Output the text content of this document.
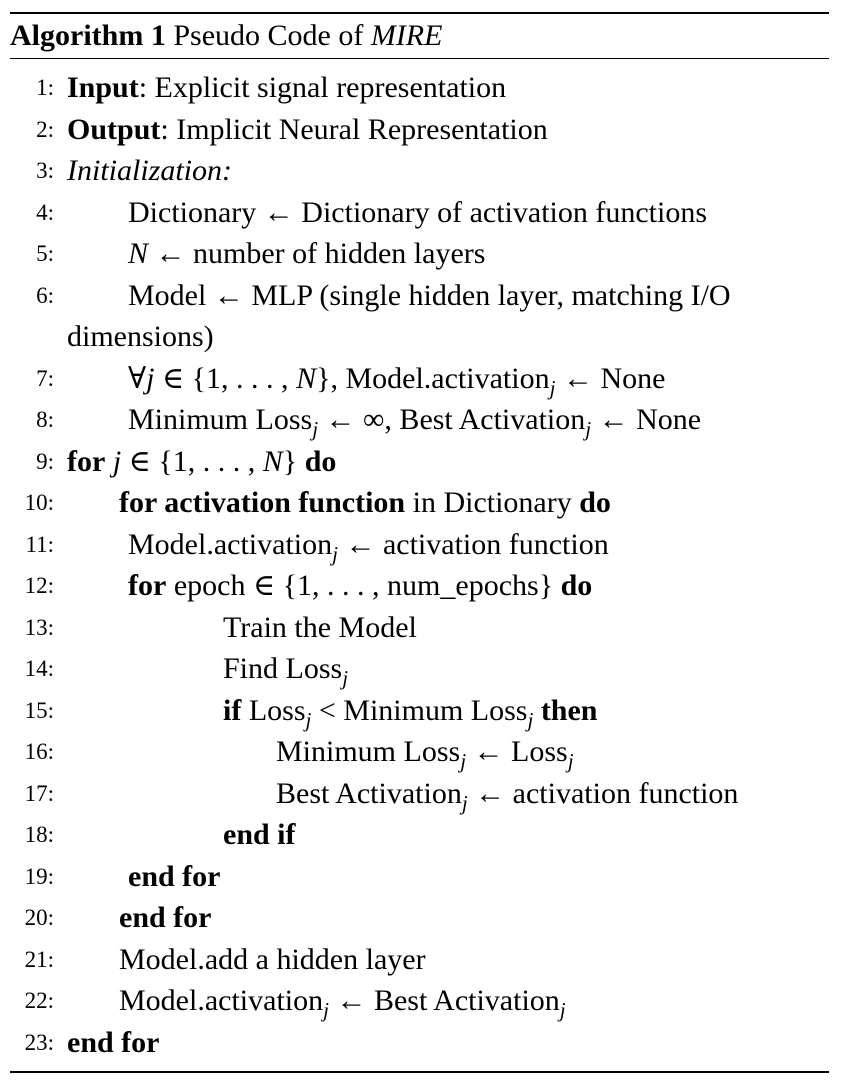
Algorithm 1 Pseudo Code of MIRE
1: Input: Explicit signal representation
2: Output: Implicit Neural Representation
3: Initialization:
4:	Dictionary ← Dictionary of activation functions
5:	N ← number of hidden layers
6:	Model ← MLP (single hidden layer, matching I/O
dimensions)
7:	∀j ∈ {1, . . . , N}, Model.activation$_j$ ← None
8:	Minimum Loss$_j$ ← ∞, Best Activation$_j$ ← None
9: for j ∈ {1, . . . , N} do
10:	for activation function in Dictionary do
11:	Model.activation$_j$ ← activation function
12:	for epoch ∈ {1, . . . , num_epochs} do
13:	Train the Model
14:	Find Loss$_j$
15:	if Loss$_j$ < Minimum Loss$_j$ then
16:	Minimum Loss$_j$ ← Loss$_j$
17:	Best Activation$_j$ ← activation function
18:	end if
19:	end for
20:	end for
21:	Model.add a hidden layer
22:	Model.activation$_j$ ← Best Activation$_j$
23: end for
